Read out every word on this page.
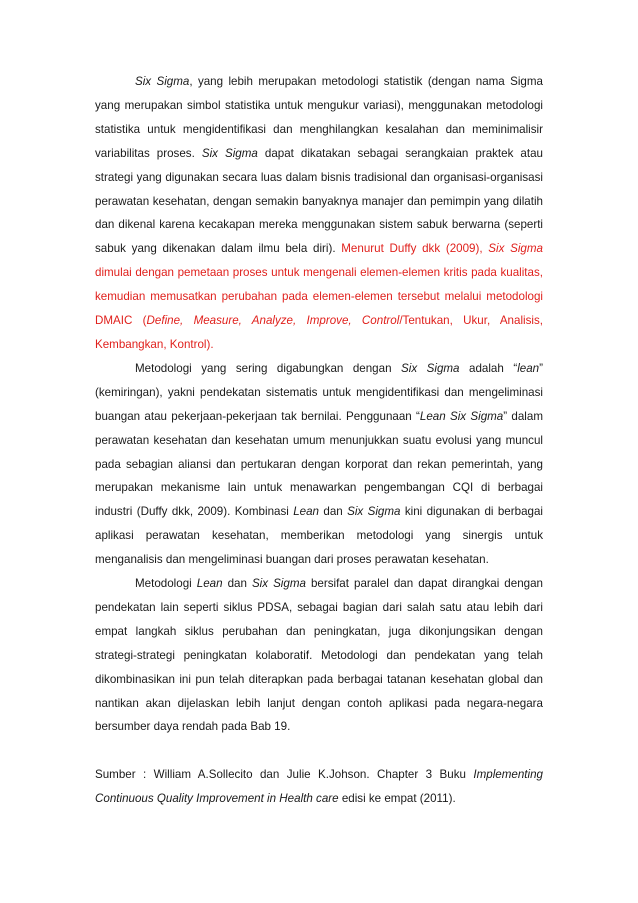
Six Sigma, yang lebih merupakan metodologi statistik (dengan nama Sigma yang merupakan simbol statistika untuk mengukur variasi), menggunakan metodologi statistika untuk mengidentifikasi dan menghilangkan kesalahan dan meminimalisir variabilitas proses. Six Sigma dapat dikatakan sebagai serangkaian praktek atau strategi yang digunakan secara luas dalam bisnis tradisional dan organisasi-organisasi perawatan kesehatan, dengan semakin banyaknya manajer dan pemimpin yang dilatih dan dikenal karena kecakapan mereka menggunakan sistem sabuk berwarna (seperti sabuk yang dikenakan dalam ilmu bela diri). Menurut Duffy dkk (2009), Six Sigma dimulai dengan pemetaan proses untuk mengenali elemen-elemen kritis pada kualitas, kemudian memusatkan perubahan pada elemen-elemen tersebut melalui metodologi DMAIC (Define, Measure, Analyze, Improve, Control/Tentukan, Ukur, Analisis, Kembangkan, Kontrol).

Metodologi yang sering digabungkan dengan Six Sigma adalah “lean” (kemiringan), yakni pendekatan sistematis untuk mengidentifikasi dan mengeliminasi buangan atau pekerjaan-pekerjaan tak bernilai. Penggunaan “Lean Six Sigma” dalam perawatan kesehatan dan kesehatan umum menunjukkan suatu evolusi yang muncul pada sebagian aliansi dan pertukaran dengan korporat dan rekan pemerintah, yang merupakan mekanisme lain untuk menawarkan pengembangan CQI di berbagai industri (Duffy dkk, 2009). Kombinasi Lean dan Six Sigma kini digunakan di berbagai aplikasi perawatan kesehatan, memberikan metodologi yang sinergis untuk menganalisis dan mengeliminasi buangan dari proses perawatan kesehatan.

Metodologi Lean dan Six Sigma bersifat paralel dan dapat dirangkai dengan pendekatan lain seperti siklus PDSA, sebagai bagian dari salah satu atau lebih dari empat langkah siklus perubahan dan peningkatan, juga dikonjungsikan dengan strategi-strategi peningkatan kolaboratif. Metodologi dan pendekatan yang telah dikombinasikan ini pun telah diterapkan pada berbagai tatanan kesehatan global dan nantikan akan dijelaskan lebih lanjut dengan contoh aplikasi pada negara-negara bersumber daya rendah pada Bab 19.

Sumber : William A.Sollecito dan Julie K.Johson. Chapter 3 Buku Implementing Continuous Quality Improvement in Health care edisi ke empat (2011).
